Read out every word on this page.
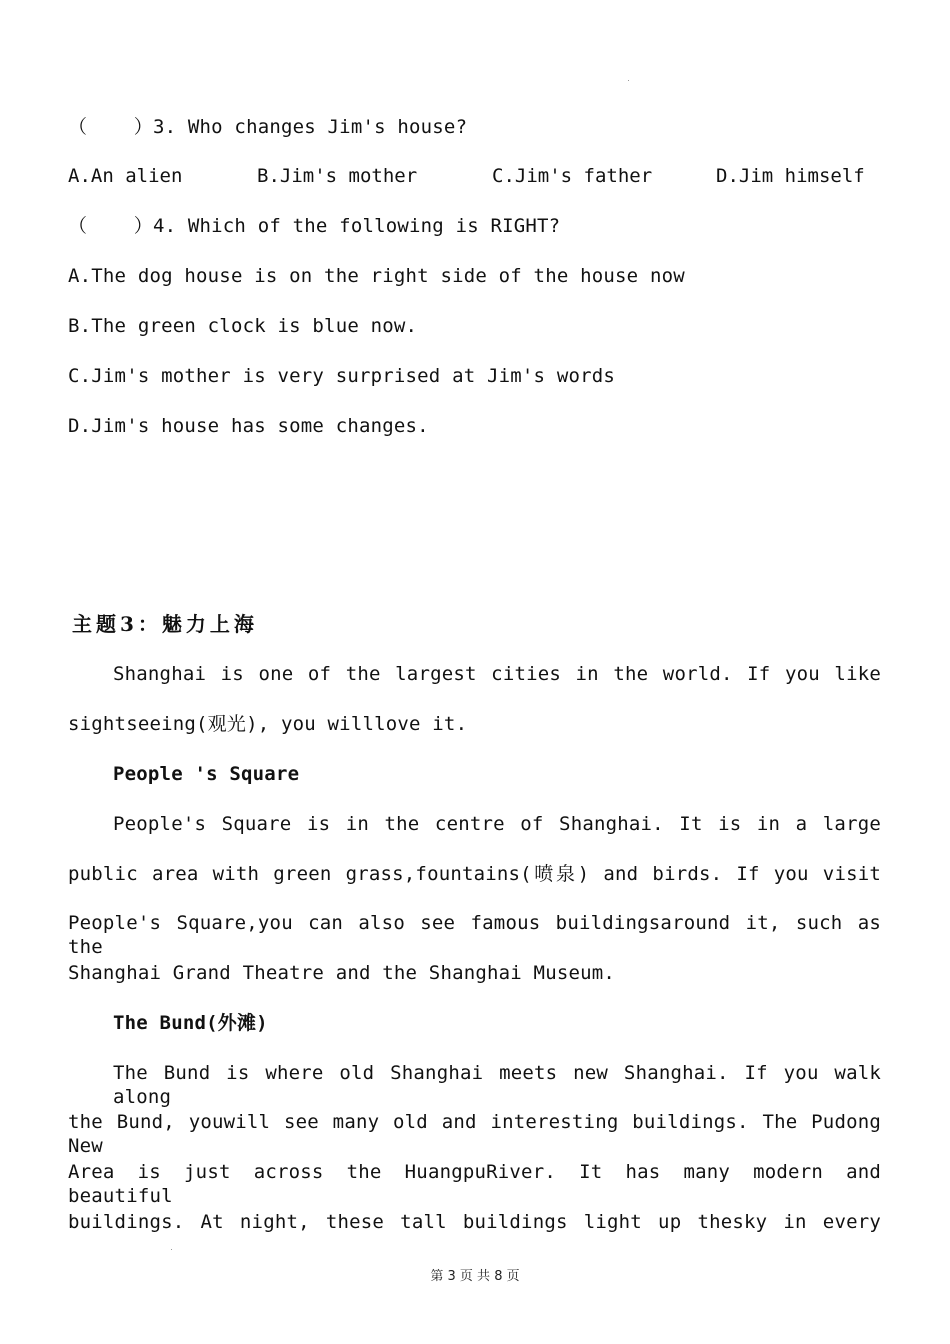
（    ）3. Who changes Jim's house?
A.An alien	B.Jim's mother	C.Jim's father	D.Jim himself
（    ）4. Which of the following is RIGHT?
A.The dog house is on the right side of the house now
B.The green clock is blue now.
C.Jim's mother is very surprised at Jim's words
D.Jim's house has some changes.
主题3：魅力上海
Shanghai is one of the largest cities in the world. If you like
sightseeing(观光), you willlove it.
People 's Square
People's Square is in the centre of Shanghai. It is in a large
public area with green grass,fountains(喷泉) and birds. If you visit
People's Square,you can also see famous buildingsaround it, such as the
Shanghai Grand Theatre and the Shanghai Museum.
The Bund(外滩)
The Bund is where old Shanghai meets new Shanghai. If you walk along
the Bund, youwill see many old and interesting buildings. The Pudong New
Area is just across the HuangpuRiver. It has many modern and beautiful
buildings. At night, these tall buildings light up thesky in every
第 3 页 共 8 页
